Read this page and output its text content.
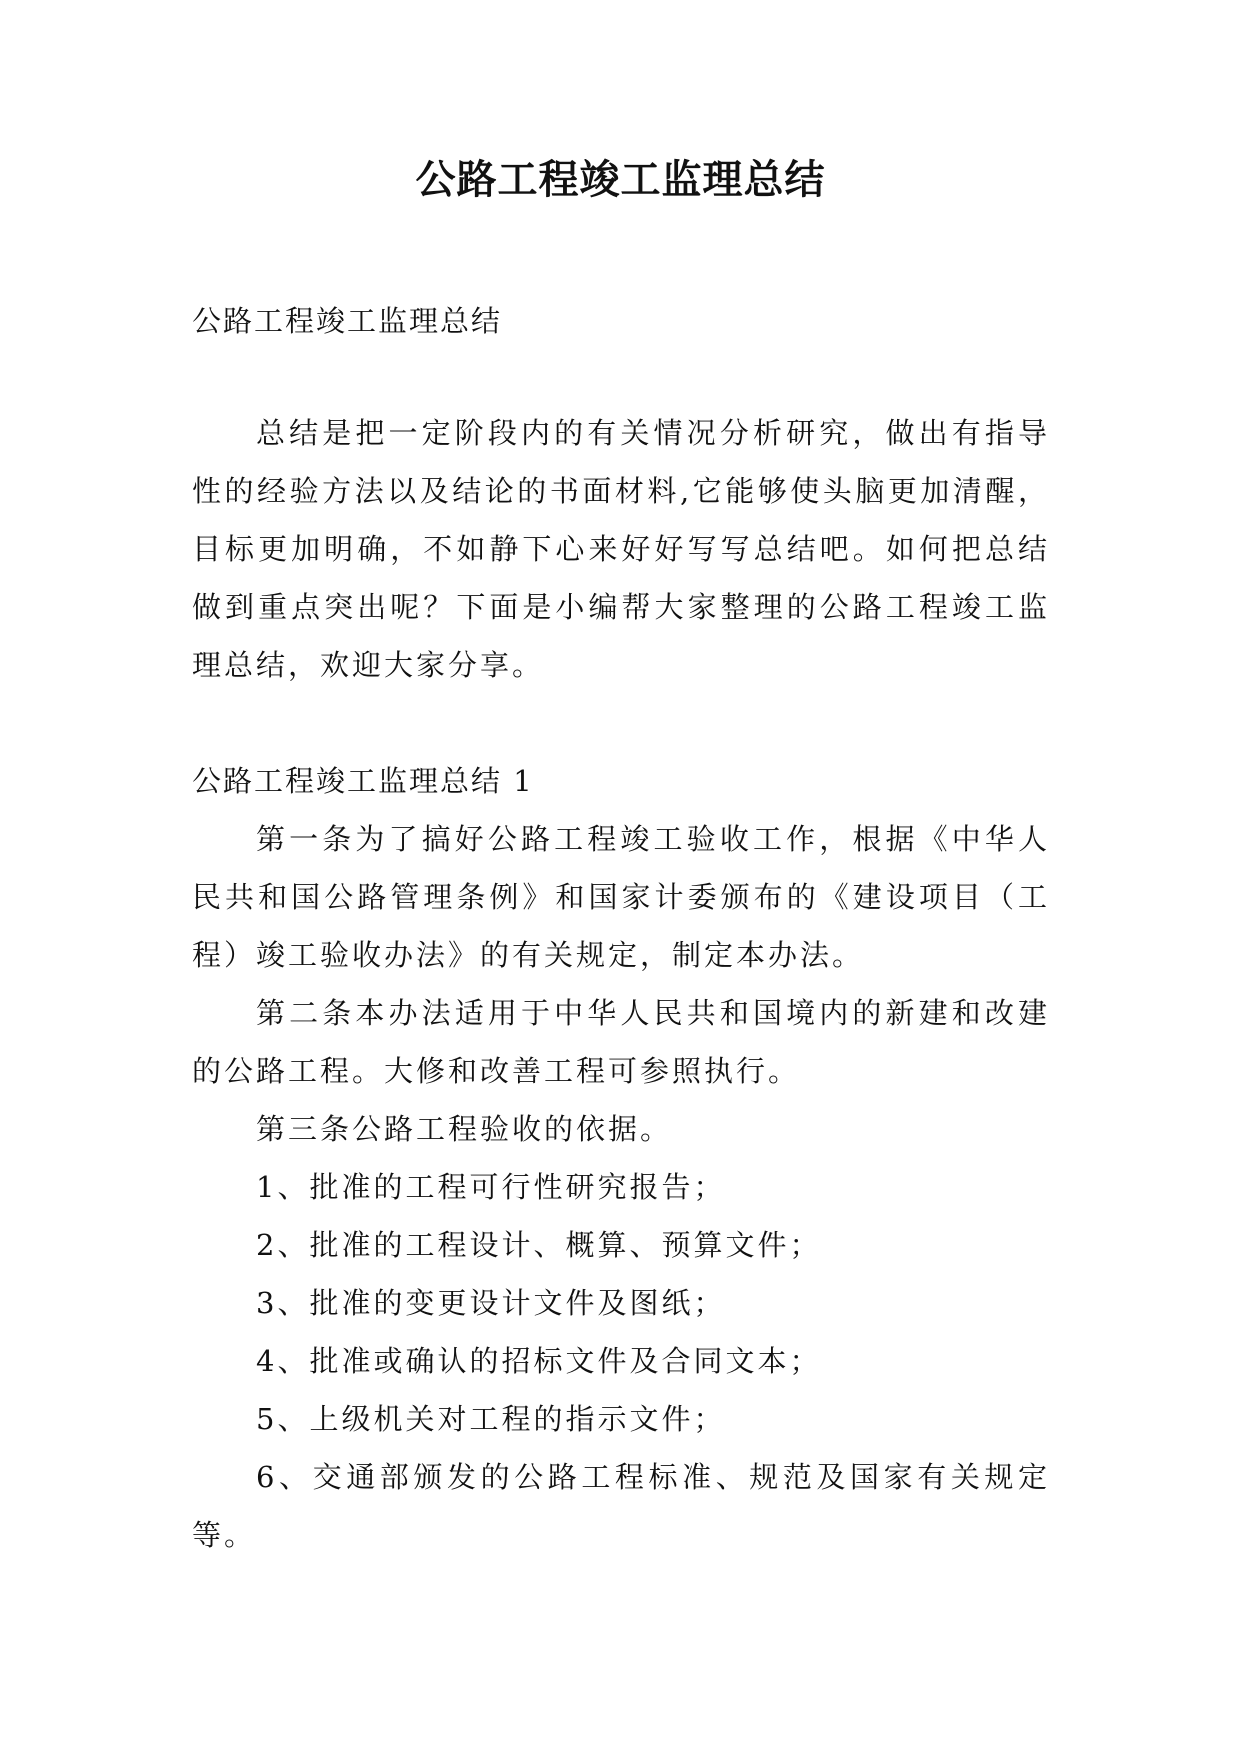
公路工程竣工监理总结

公路工程竣工监理总结

总结是把一定阶段内的有关情况分析研究，做出有指导性的经验方法以及结论的书面材料,它能够使头脑更加清醒，目标更加明确，不如静下心来好好写写总结吧。如何把总结做到重点突出呢？下面是小编帮大家整理的公路工程竣工监理总结，欢迎大家分享。

公路工程竣工监理总结 1

第一条为了搞好公路工程竣工验收工作，根据《中华人民共和国公路管理条例》和国家计委颁布的《建设项目（工程）竣工验收办法》的有关规定，制定本办法。

第二条本办法适用于中华人民共和国境内的新建和改建的公路工程。大修和改善工程可参照执行。

第三条公路工程验收的依据。

1、批准的工程可行性研究报告；

2、批准的工程设计、概算、预算文件；

3、批准的变更设计文件及图纸；

4、批准或确认的招标文件及合同文本；

5、上级机关对工程的指示文件；

6、交通部颁发的公路工程标准、规范及国家有关规定等。
